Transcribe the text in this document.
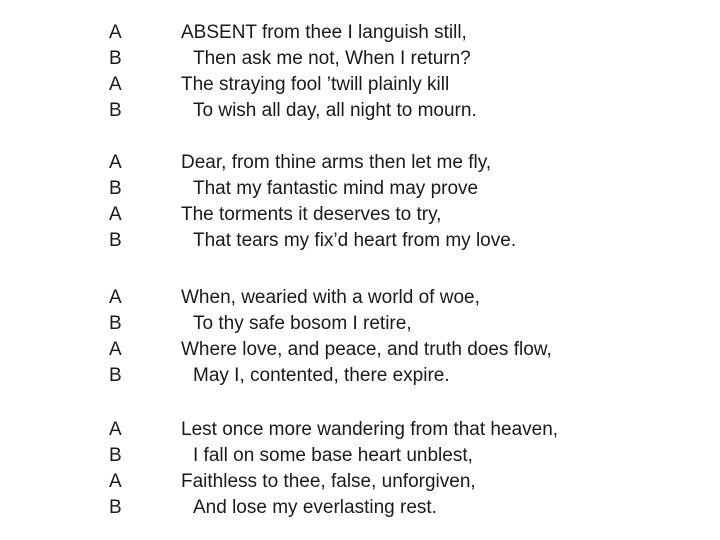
A	ABSENT from thee I languish still,
B	Then ask me not, When I return?
A	The straying fool ’twill plainly kill
B	To wish all day, all night to mourn.
A	Dear, from thine arms then let me fly,
B	That my fantastic mind may prove
A	The torments it deserves to try,
B	That tears my fix’d heart from my love.
A	When, wearied with a world of woe,
B	To thy safe bosom I retire,
A	Where love, and peace, and truth does flow,
B	May I, contented, there expire.
A	Lest once more wandering from that heaven,
B	I fall on some base heart unblest,
A	Faithless to thee, false, unforgiven,
B	And lose my everlasting rest.
